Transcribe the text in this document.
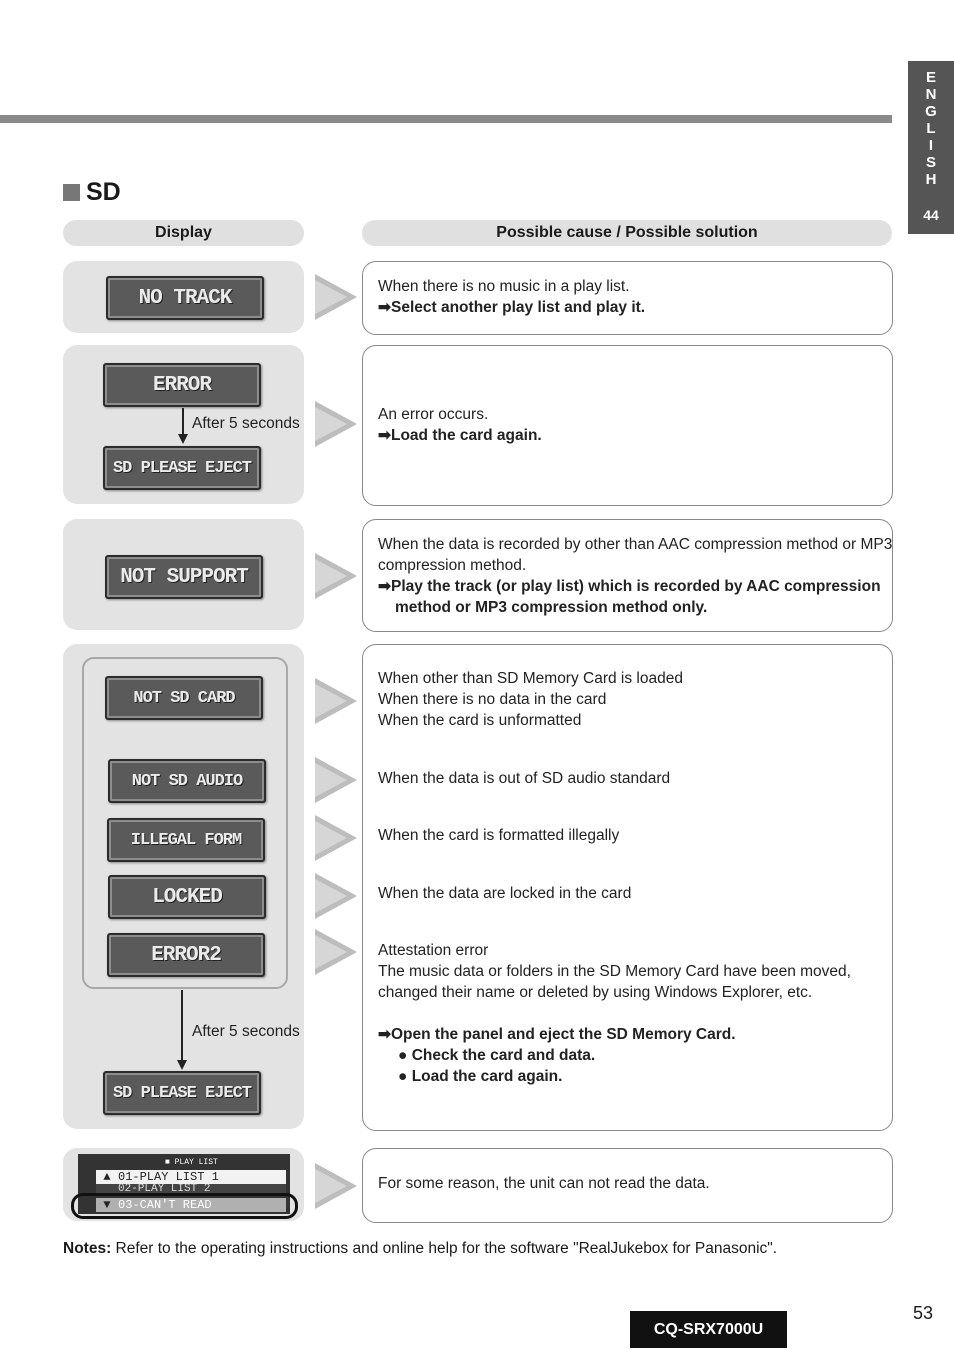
E
N
G
L
I
S
H
44
SD
Display	Possible cause / Possible solution
NO TRACK	When there is no music in a play list.
➡Select another play list and play it.
ERROR
After 5 seconds
SD PLEASE EJECT
An error occurs.
➡Load the card again.
NOT SUPPORT
When the data is recorded by other than AAC compression method or MP3
compression method.
➡Play the track (or play list) which is recorded by AAC compression
method or MP3 compression method only.
NOT SD CARD
NOT SD AUDIO
ILLEGAL FORM
LOCKED
ERROR2
After 5 seconds
SD PLEASE EJECT
When other than SD Memory Card is loaded
When there is no data in the card
When the card is unformatted
When the data is out of SD audio standard
When the card is formatted illegally
When the data are locked in the card
Attestation error
The music data or folders in the SD Memory Card have been moved,
changed their name or deleted by using Windows Explorer, etc.
➡Open the panel and eject the SD Memory Card.
● Check the card and data.
● Load the card again.
■ PLAY LIST
▲ 01-PLAY LIST 1
02-PLAY LIST 2
▼ 03-CAN'T READ
For some reason, the unit can not read the data.
Notes: Refer to the operating instructions and online help for the software "RealJukebox for Panasonic".
53
CQ-SRX7000U
